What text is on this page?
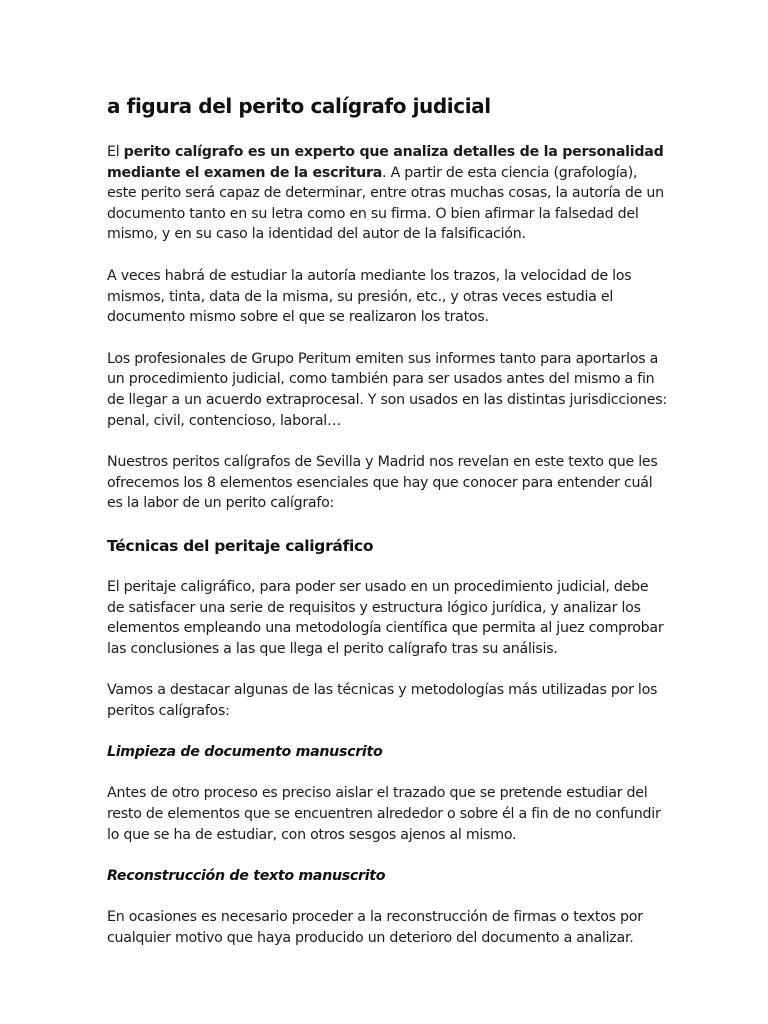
a figura del perito calígrafo judicial

El perito calígrafo es un experto que analiza detalles de la personalidad mediante el examen de la escritura. A partir de esta ciencia (grafología), este perito será capaz de determinar, entre otras muchas cosas, la autoría de un documento tanto en su letra como en su firma. O bien afirmar la falsedad del mismo, y en su caso la identidad del autor de la falsificación.

A veces habrá de estudiar la autoría mediante los trazos, la velocidad de los mismos, tinta, data de la misma, su presión, etc., y otras veces estudia el documento mismo sobre el que se realizaron los tratos.

Los profesionales de Grupo Peritum emiten sus informes tanto para aportarlos a un procedimiento judicial, como también para ser usados antes del mismo a fin de llegar a un acuerdo extraprocesal. Y son usados en las distintas jurisdicciones: penal, civil, contencioso, laboral…

Nuestros peritos calígrafos de Sevilla y Madrid nos revelan en este texto que les ofrecemos los 8 elementos esenciales que hay que conocer para entender cuál es la labor de un perito calígrafo:

Técnicas del peritaje caligráfico

El peritaje caligráfico, para poder ser usado en un procedimiento judicial, debe de satisfacer una serie de requisitos y estructura lógico jurídica, y analizar los elementos empleando una metodología científica que permita al juez comprobar las conclusiones a las que llega el perito calígrafo tras su análisis.

Vamos a destacar algunas de las técnicas y metodologías más utilizadas por los peritos calígrafos:

Limpieza de documento manuscrito

Antes de otro proceso es preciso aislar el trazado que se pretende estudiar del resto de elementos que se encuentren alrededor o sobre él a fin de no confundir lo que se ha de estudiar, con otros sesgos ajenos al mismo.

Reconstrucción de texto manuscrito

En ocasiones es necesario proceder a la reconstrucción de firmas o textos por cualquier motivo que haya producido un deterioro del documento a analizar.
